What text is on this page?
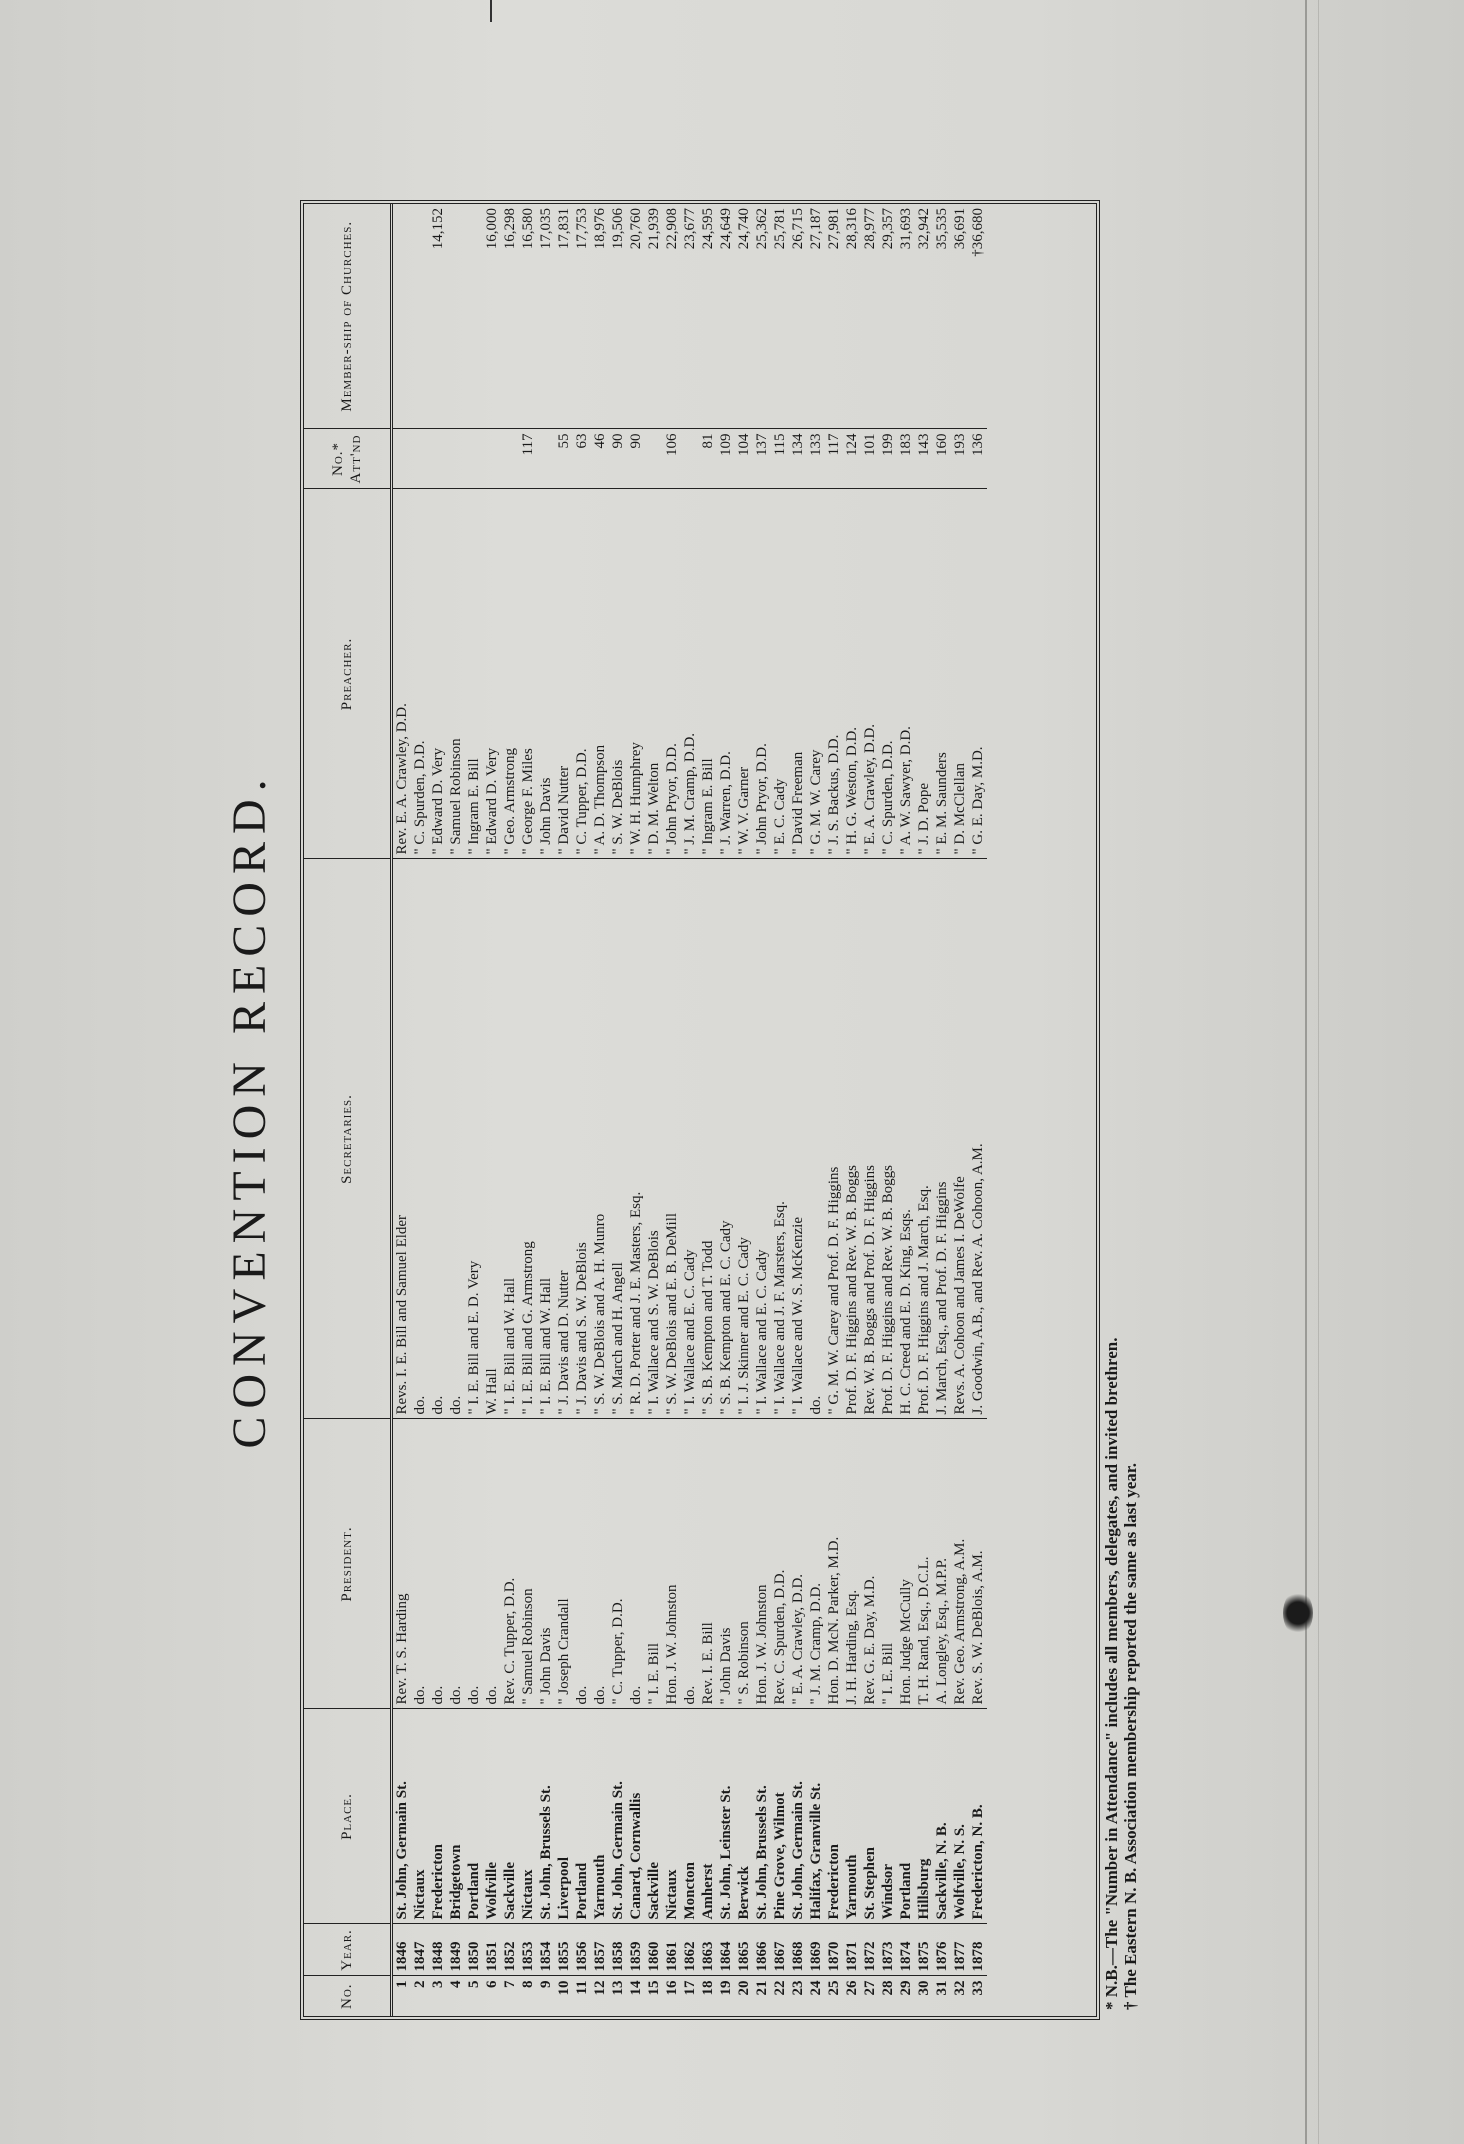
CONVENTION RECORD.
No.	Year.	Place.	President.	Secretaries.	Preacher.	No.* Att'nd	Member-ship of Churches.
1	1846	St. John, Germain St.	Rev. T. S. Harding	Revs. I. E. Bill and Samuel Elder	Rev. E. A. Crawley, D.D.		
2	1847	Nictaux	do.	do.	" C. Spurden, D.D.		
3	1848	Fredericton	do.	do.	" Edward D. Very		14,152
4	1849	Bridgetown	do.	do.	" Samuel Robinson		
5	1850	Portland	do.	" I. E. Bill and E. D. Very	" Ingram E. Bill		
6	1851	Wolfville	do.	W. Hall	" Edward D. Very		16,000
7	1852	Sackville	Rev. C. Tupper, D.D.	" I. E. Bill and W. Hall	" Geo. Armstrong		16,298
8	1853	Nictaux	" Samuel Robinson	" I. E. Bill and G. Armstrong	" George F. Miles	117	16,580
9	1854	St. John, Brussels St.	" John Davis	" I. E. Bill and W. Hall	" John Davis		17,035
10	1855	Liverpool	" Joseph Crandall	" J. Davis and D. Nutter	" David Nutter	55	17,831
11	1856	Portland	do.	" J. Davis and S. W. DeBlois	" C. Tupper, D.D.	63	17,753
12	1857	Yarmouth	do.	" S. W. DeBlois and A. H. Munro	" A. D. Thompson	46	18,976
13	1858	St. John, Germain St.	" C. Tupper, D.D.	" S. March and H. Angell	" S. W. DeBlois	90	19,506
14	1859	Canard, Cornwallis	do.	" R. D. Porter and J. E. Masters, Esq.	" W. H. Humphrey	90	20,760
15	1860	Sackville	" I. E. Bill	" I. Wallace and S. W. DeBlois	" D. M. Welton		21,939
16	1861	Nictaux	Hon. J. W. Johnston	" S. W. DeBlois and E. B. DeMill	" John Pryor, D.D.	106	22,908
17	1862	Moncton	do.	" I. Wallace and E. C. Cady	" J. M. Cramp, D.D.		23,677
18	1863	Amherst	Rev. I. E. Bill	" S. B. Kempton and T. Todd	" Ingram E. Bill	81	24,595
19	1864	St. John, Leinster St.	" John Davis	" S. B. Kempton and E. C. Cady	" J. Warren, D.D.	109	24,649
20	1865	Berwick	" S. Robinson	" I. J. Skinner and E. C. Cady	" W. V. Garner	104	24,740
21	1866	St. John, Brussels St.	Hon. J. W. Johnston	" I. Wallace and E. C. Cady	" John Pryor, D.D.	137	25,362
22	1867	Pine Grove, Wilmot	Rev. C. Spurden, D.D.	" I. Wallace and J. F. Marsters, Esq.	" E. C. Cady	115	25,781
23	1868	St. John, Germain St.	" E. A. Crawley, D.D.	" I. Wallace and W. S. McKenzie	" David Freeman	134	26,715
24	1869	Halifax, Granville St.	" J. M. Cramp, D.D.	do.	" G. M. W. Carey	133	27,187
25	1870	Fredericton	Hon. D. McN. Parker, M.D.	" G. M. W. Carey and Prof. D. F. Higgins	" J. S. Backus, D.D.	117	27,981
26	1871	Yarmouth	J. H. Harding, Esq.	Prof. D. F. Higgins and Rev. W. B. Boggs	" H. G. Weston, D.D.	124	28,316
27	1872	St. Stephen	Rev. G. E. Day, M.D.	Rev. W. B. Boggs and Prof. D. F. Higgins	" E. A. Crawley, D.D.	101	28,977
28	1873	Windsor	" I. E. Bill	Prof. D. F. Higgins and Rev. W. B. Boggs	" C. Spurden, D.D.	199	29,357
29	1874	Portland	Hon. Judge McCully	H. C. Creed and E. D. King, Esqs.	" A. W. Sawyer, D.D.	183	31,693
30	1875	Hillsburg	T. H. Rand, Esq., D.C.L.	Prof. D. F. Higgins and J. March, Esq.	" J. D. Pope	143	32,942
31	1876	Sackville, N. B.	A. Longley, Esq., M.P.P.	J. March, Esq., and Prof. D. F. Higgins	" E. M. Saunders	160	35,535
32	1877	Wolfville, N. S.	Rev. Geo. Armstrong, A.M.	Revs. A. Cohoon and James I. DeWolfe	" D. McClellan	193	36,691
33	1878	Fredericton, N. B.	Rev. S. W. DeBlois, A.M.	J. Goodwin, A.B., and Rev. A. Cohoon, A.M.	" G. E. Day, M.D.	136	†36,680
* N.B.—The "Number in Attendance" includes all members, delegates, and invited brethren. † The Eastern N. B. Association membership reported the same as last year.
